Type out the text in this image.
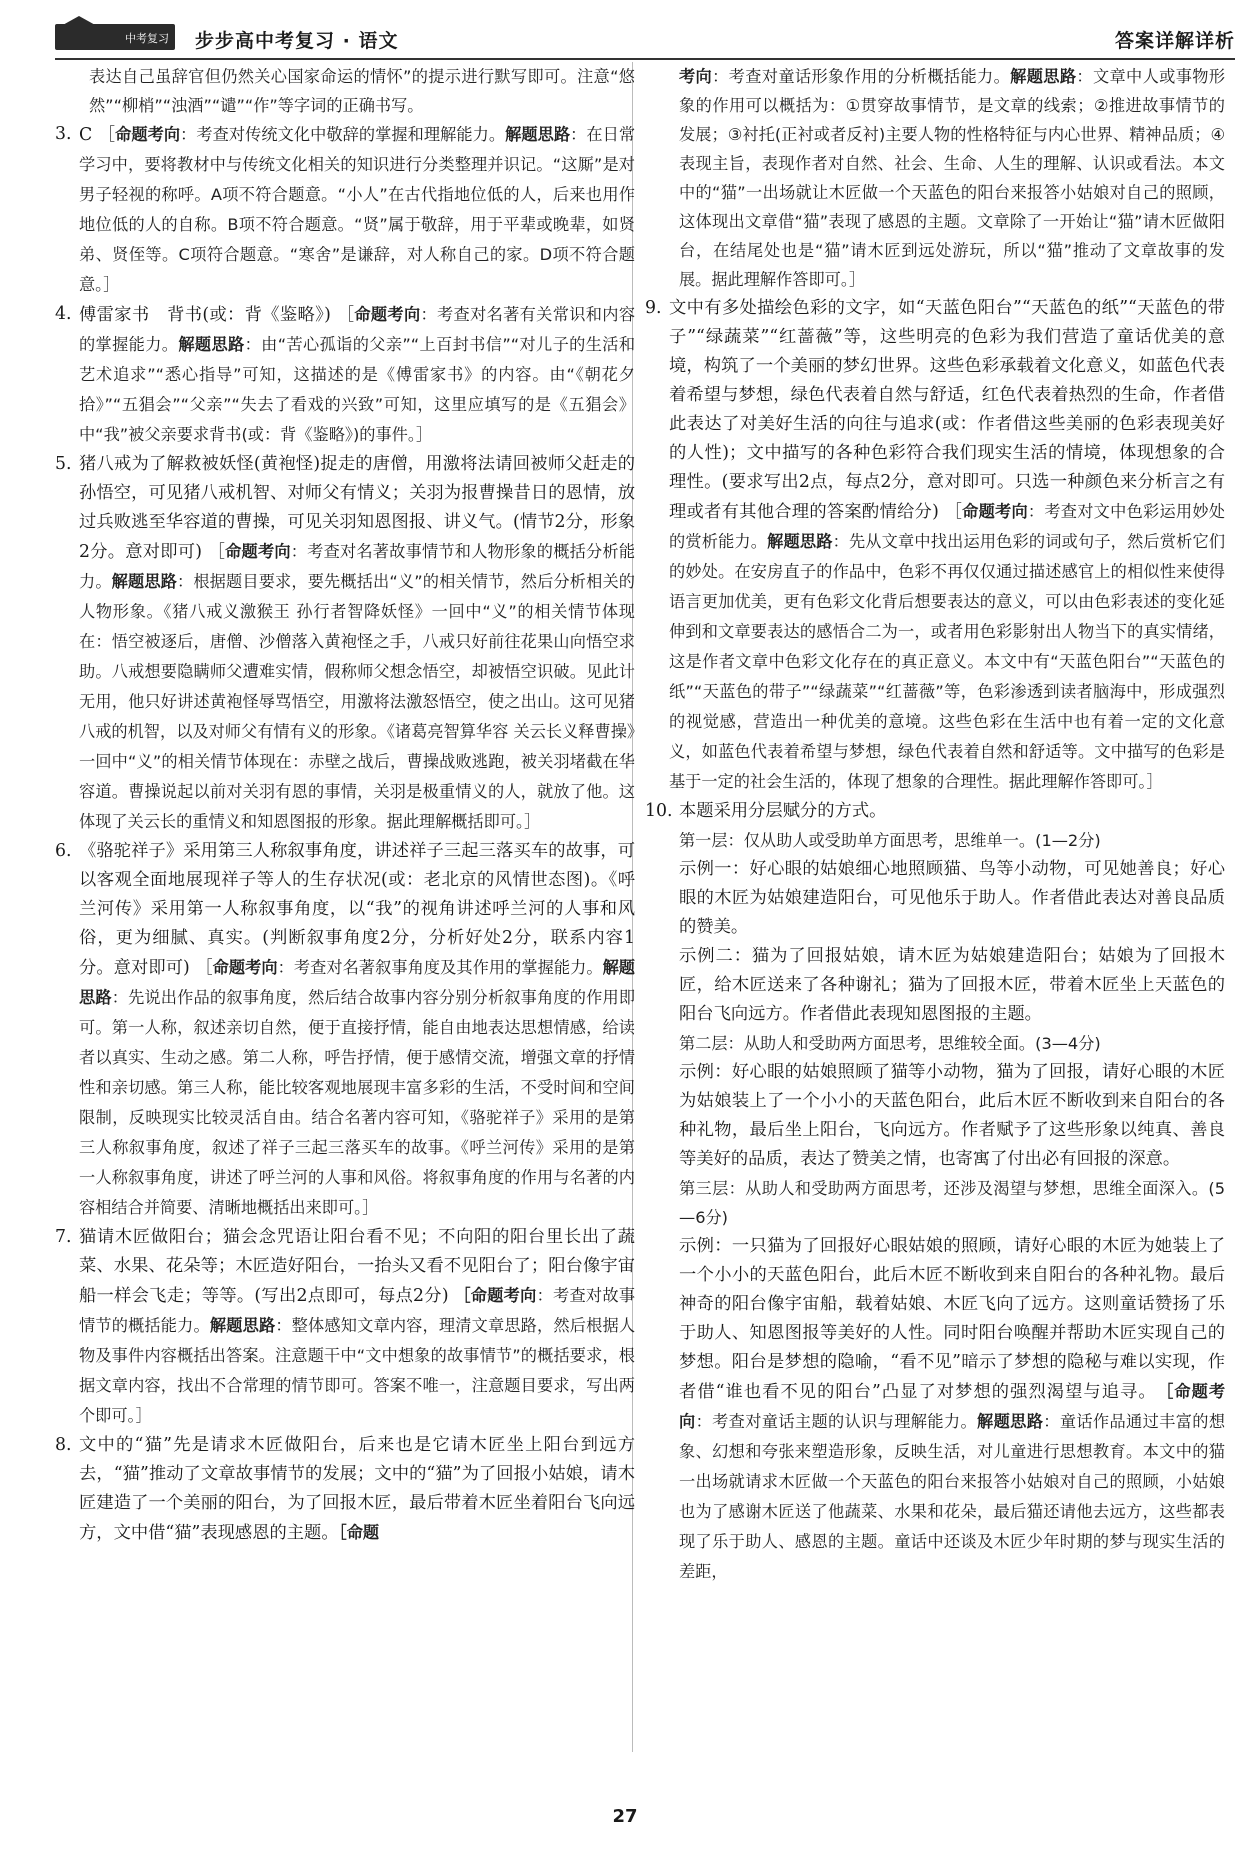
中考复习 步步高中考复习 · 语文	答案详解详析

表达自己虽辞官但仍然关心国家命运的情怀”的提示进行默写即可。注意“悠然”“柳梢”“浊酒”“谴”“作”等字词的正确书写。

3. C ［命题考向：考查对传统文化中敬辞的掌握和理解能力。解题思路：在日常学习中，要将教材中与传统文化相关的知识进行分类整理并识记。“这厮”是对男子轻视的称呼。A项不符合题意。“小人”在古代指地位低的人，后来也用作地位低的人的自称。B项不符合题意。“贤”属于敬辞，用于平辈或晚辈，如贤弟、贤侄等。C项符合题意。“寒舍”是谦辞，对人称自己的家。D项不符合题意。］
4. 傅雷家书　背书(或：背《鉴略》) ［命题考向：考查对名著有关常识和内容的掌握能力。解题思路：由“苦心孤诣的父亲”“上百封书信”“对儿子的生活和艺术追求”“悉心指导”可知，这描述的是《傅雷家书》的内容。由“《朝花夕拾》”“五猖会”“父亲”“失去了看戏的兴致”可知，这里应填写的是《五猖会》中“我”被父亲要求背书(或：背《鉴略》)的事件。］
5. 猪八戒为了解救被妖怪(黄袍怪)捉走的唐僧，用激将法请回被师父赶走的孙悟空，可见猪八戒机智、对师父有情义；关羽为报曹操昔日的恩情，放过兵败逃至华容道的曹操，可见关羽知恩图报、讲义气。(情节2分，形象2分。意对即可) ［命题考向：考查对名著故事情节和人物形象的概括分析能力。解题思路：根据题目要求，要先概括出“义”的相关情节，然后分析相关的人物形象。《猪八戒义激猴王 孙行者智降妖怪》一回中“义”的相关情节体现在：悟空被逐后，唐僧、沙僧落入黄袍怪之手，八戒只好前往花果山向悟空求助。八戒想要隐瞒师父遭难实情，假称师父想念悟空，却被悟空识破。见此计无用，他只好讲述黄袍怪辱骂悟空，用激将法激怒悟空，使之出山。这可见猪八戒的机智，以及对师父有情有义的形象。《诸葛亮智算华容 关云长义释曹操》一回中“义”的相关情节体现在：赤壁之战后，曹操战败逃跑，被关羽堵截在华容道。曹操说起以前对关羽有恩的事情，关羽是极重情义的人，就放了他。这体现了关云长的重情义和知恩图报的形象。据此理解概括即可。］
6. 《骆驼祥子》采用第三人称叙事角度，讲述祥子三起三落买车的故事，可以客观全面地展现祥子等人的生存状况(或：老北京的风情世态图)。《呼兰河传》采用第一人称叙事角度，以“我”的视角讲述呼兰河的人事和风俗，更为细腻、真实。(判断叙事角度2分，分析好处2分，联系内容1分。意对即可) ［命题考向：考查对名著叙事角度及其作用的掌握能力。解题思路：先说出作品的叙事角度，然后结合故事内容分别分析叙事角度的作用即可。第一人称，叙述亲切自然，便于直接抒情，能自由地表达思想情感，给读者以真实、生动之感。第二人称，呼告抒情，便于感情交流，增强文章的抒情性和亲切感。第三人称，能比较客观地展现丰富多彩的生活，不受时间和空间限制，反映现实比较灵活自由。结合名著内容可知，《骆驼祥子》采用的是第三人称叙事角度，叙述了祥子三起三落买车的故事。《呼兰河传》采用的是第一人称叙事角度，讲述了呼兰河的人事和风俗。将叙事角度的作用与名著的内容相结合并简要、清晰地概括出来即可。］
7. 猫请木匠做阳台；猫会念咒语让阳台看不见；不向阳的阳台里长出了蔬菜、水果、花朵等；木匠造好阳台，一抬头又看不见阳台了；阳台像宇宙船一样会飞走；等等。(写出2点即可，每点2分) ［命题考向：考查对故事情节的概括能力。解题思路：整体感知文章内容，理清文章思路，然后根据人物及事件内容概括出答案。注意题干中“文中想象的故事情节”的概括要求，根据文章内容，找出不合常理的情节即可。答案不唯一，注意题目要求，写出两个即可。］
8. 文中的“猫”先是请求木匠做阳台，后来也是它请木匠坐上阳台到远方去，“猫”推动了文章故事情节的发展；文中的“猫”为了回报小姑娘，请木匠建造了一个美丽的阳台，为了回报木匠，最后带着木匠坐着阳台飞向远方，文中借“猫”表现感恩的主题。［命题

考向：考查对童话形象作用的分析概括能力。解题思路：文章中人或事物形象的作用可以概括为：①贯穿故事情节，是文章的线索；②推进故事情节的发展；③衬托(正衬或者反衬)主要人物的性格特征与内心世界、精神品质；④表现主旨，表现作者对自然、社会、生命、人生的理解、认识或看法。本文中的“猫”一出场就让木匠做一个天蓝色的阳台来报答小姑娘对自己的照顾，这体现出文章借“猫”表现了感恩的主题。文章除了一开始让“猫”请木匠做阳台，在结尾处也是“猫”请木匠到远处游玩，所以“猫”推动了文章故事的发展。据此理解作答即可。］

9. 文中有多处描绘色彩的文字，如“天蓝色阳台”“天蓝色的纸”“天蓝色的带子”“绿蔬菜”“红蔷薇”等，这些明亮的色彩为我们营造了童话优美的意境，构筑了一个美丽的梦幻世界。这些色彩承载着文化意义，如蓝色代表着希望与梦想，绿色代表着自然与舒适，红色代表着热烈的生命，作者借此表达了对美好生活的向往与追求(或：作者借这些美丽的色彩表现美好的人性)；文中描写的各种色彩符合我们现实生活的情境，体现想象的合理性。(要求写出2点，每点2分，意对即可。只选一种颜色来分析言之有理或者有其他合理的答案酌情给分) ［命题考向：考查对文中色彩运用妙处的赏析能力。解题思路：先从文章中找出运用色彩的词或句子，然后赏析它们的妙处。在安房直子的作品中，色彩不再仅仅通过描述感官上的相似性来使得语言更加优美，更有色彩文化背后想要表达的意义，可以由色彩表述的变化延伸到和文章要表达的感悟合二为一，或者用色彩影射出人物当下的真实情绪，这是作者文章中色彩文化存在的真正意义。本文中有“天蓝色阳台”“天蓝色的纸”“天蓝色的带子”“绿蔬菜”“红蔷薇”等，色彩渗透到读者脑海中，形成强烈的视觉感，营造出一种优美的意境。这些色彩在生活中也有着一定的文化意义，如蓝色代表着希望与梦想，绿色代表着自然和舒适等。文中描写的色彩是基于一定的社会生活的，体现了想象的合理性。据此理解作答即可。］
10. 本题采用分层赋分的方式。

第一层：仅从助人或受助单方面思考，思维单一。(1—2分)

示例一：好心眼的姑娘细心地照顾猫、鸟等小动物，可见她善良；好心眼的木匠为姑娘建造阳台，可见他乐于助人。作者借此表达对善良品质的赞美。

示例二：猫为了回报姑娘，请木匠为姑娘建造阳台；姑娘为了回报木匠，给木匠送来了各种谢礼；猫为了回报木匠，带着木匠坐上天蓝色的阳台飞向远方。作者借此表现知恩图报的主题。

第二层：从助人和受助两方面思考，思维较全面。(3—4分)

示例：好心眼的姑娘照顾了猫等小动物，猫为了回报，请好心眼的木匠为姑娘装上了一个小小的天蓝色阳台，此后木匠不断收到来自阳台的各种礼物，最后坐上阳台，飞向远方。作者赋予了这些形象以纯真、善良等美好的品质，表达了赞美之情，也寄寓了付出必有回报的深意。

第三层：从助人和受助两方面思考，还涉及渴望与梦想，思维全面深入。(5—6分)

示例：一只猫为了回报好心眼姑娘的照顾，请好心眼的木匠为她装上了一个小小的天蓝色阳台，此后木匠不断收到来自阳台的各种礼物。最后神奇的阳台像宇宙船，载着姑娘、木匠飞向了远方。这则童话赞扬了乐于助人、知恩图报等美好的人性。同时阳台唤醒并帮助木匠实现自己的梦想。阳台是梦想的隐喻，“看不见”暗示了梦想的隐秘与难以实现，作者借“谁也看不见的阳台”凸显了对梦想的强烈渴望与追寻。　 ［命题考向：考查对童话主题的认识与理解能力。解题思路：童话作品通过丰富的想象、幻想和夸张来塑造形象，反映生活，对儿童进行思想教育。本文中的猫一出场就请求木匠做一个天蓝色的阳台来报答小姑娘对自己的照顾，小姑娘也为了感谢木匠送了他蔬菜、水果和花朵，最后猫还请他去远方，这些都表现了乐于助人、感恩的主题。童话中还谈及木匠少年时期的梦与现实生活的差距，

27
